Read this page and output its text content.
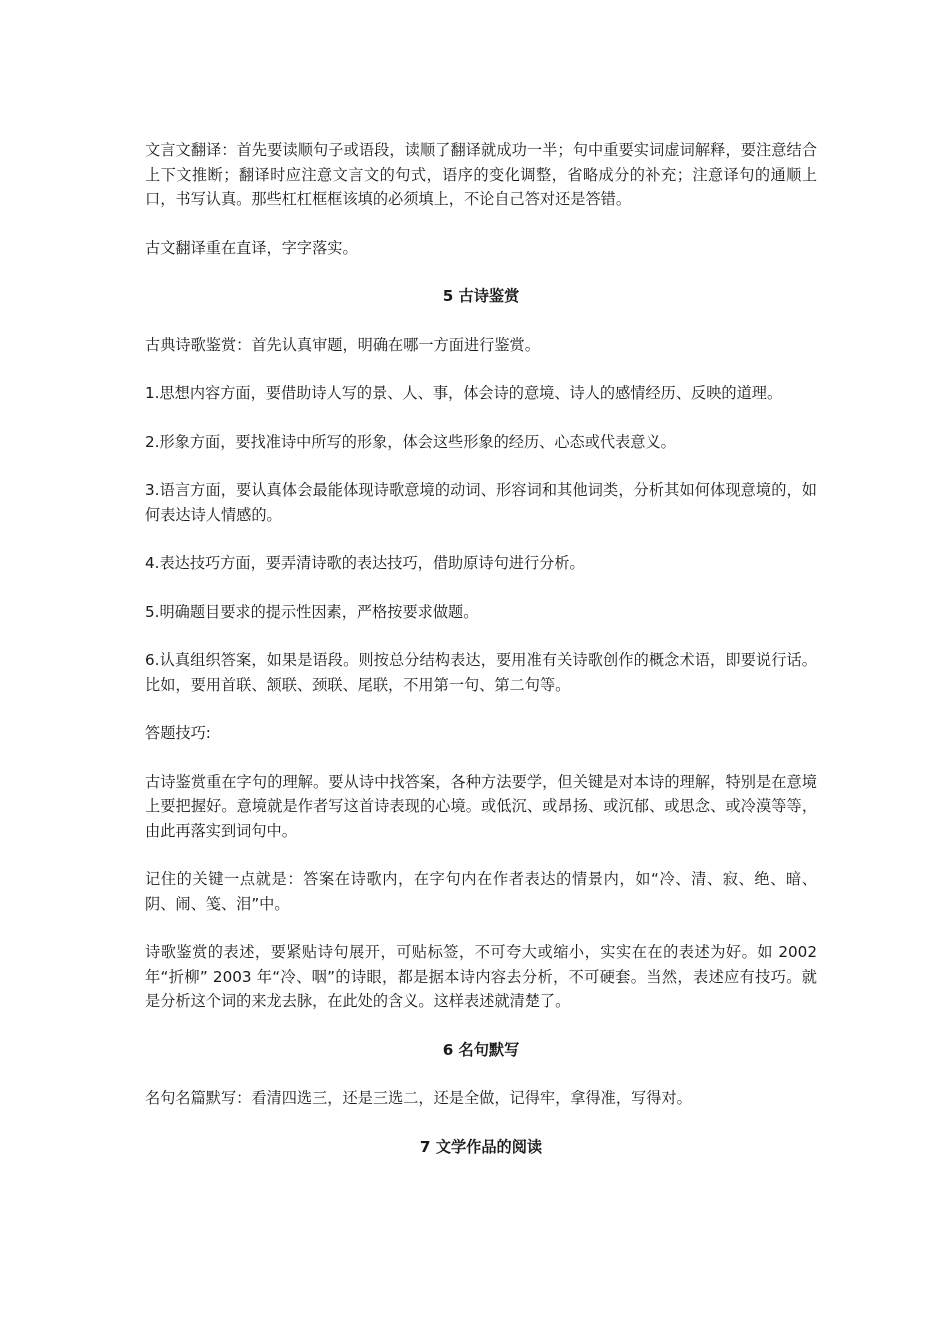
文言文翻译：首先要读顺句子或语段，读顺了翻译就成功一半；句中重要实词虚词解释，要注意结合上下文推断；翻译时应注意文言文的句式，语序的变化调整，省略成分的补充；注意译句的通顺上口，书写认真。那些杠杠框框该填的必须填上，不论自己答对还是答错。

古文翻译重在直译，字字落实。

5 古诗鉴赏

古典诗歌鉴赏：首先认真审题，明确在哪一方面进行鉴赏。

1.思想内容方面，要借助诗人写的景、人、事，体会诗的意境、诗人的感情经历、反映的道理。

2.形象方面，要找准诗中所写的形象，体会这些形象的经历、心态或代表意义。

3.语言方面，要认真体会最能体现诗歌意境的动词、形容词和其他词类，分析其如何体现意境的，如何表达诗人情感的。

4.表达技巧方面，要弄清诗歌的表达技巧，借助原诗句进行分析。

5.明确题目要求的提示性因素，严格按要求做题。

6.认真组织答案，如果是语段。则按总分结构表达，要用准有关诗歌创作的概念术语，即要说行话。比如，要用首联、颔联、颈联、尾联，不用第一句、第二句等。

答题技巧:

古诗鉴赏重在字句的理解。要从诗中找答案，各种方法要学，但关键是对本诗的理解，特别是在意境上要把握好。意境就是作者写这首诗表现的心境。或低沉、或昂扬、或沉郁、或思念、或冷漠等等，由此再落实到词句中。

记住的关键一点就是：答案在诗歌内，在字句内在作者表达的情景内，如“冷、清、寂、绝、暗、阴、闹、笺、泪”中。

诗歌鉴赏的表述，要紧贴诗句展开，可贴标签，不可夸大或缩小，实实在在的表述为好。如 2002 年“折柳” 2003 年“冷、咽”的诗眼，都是据本诗内容去分析，不可硬套。当然，表述应有技巧。就是分析这个词的来龙去脉，在此处的含义。这样表述就清楚了。

6 名句默写

名句名篇默写：看清四选三，还是三选二，还是全做，记得牢，拿得准，写得对。

7 文学作品的阅读
